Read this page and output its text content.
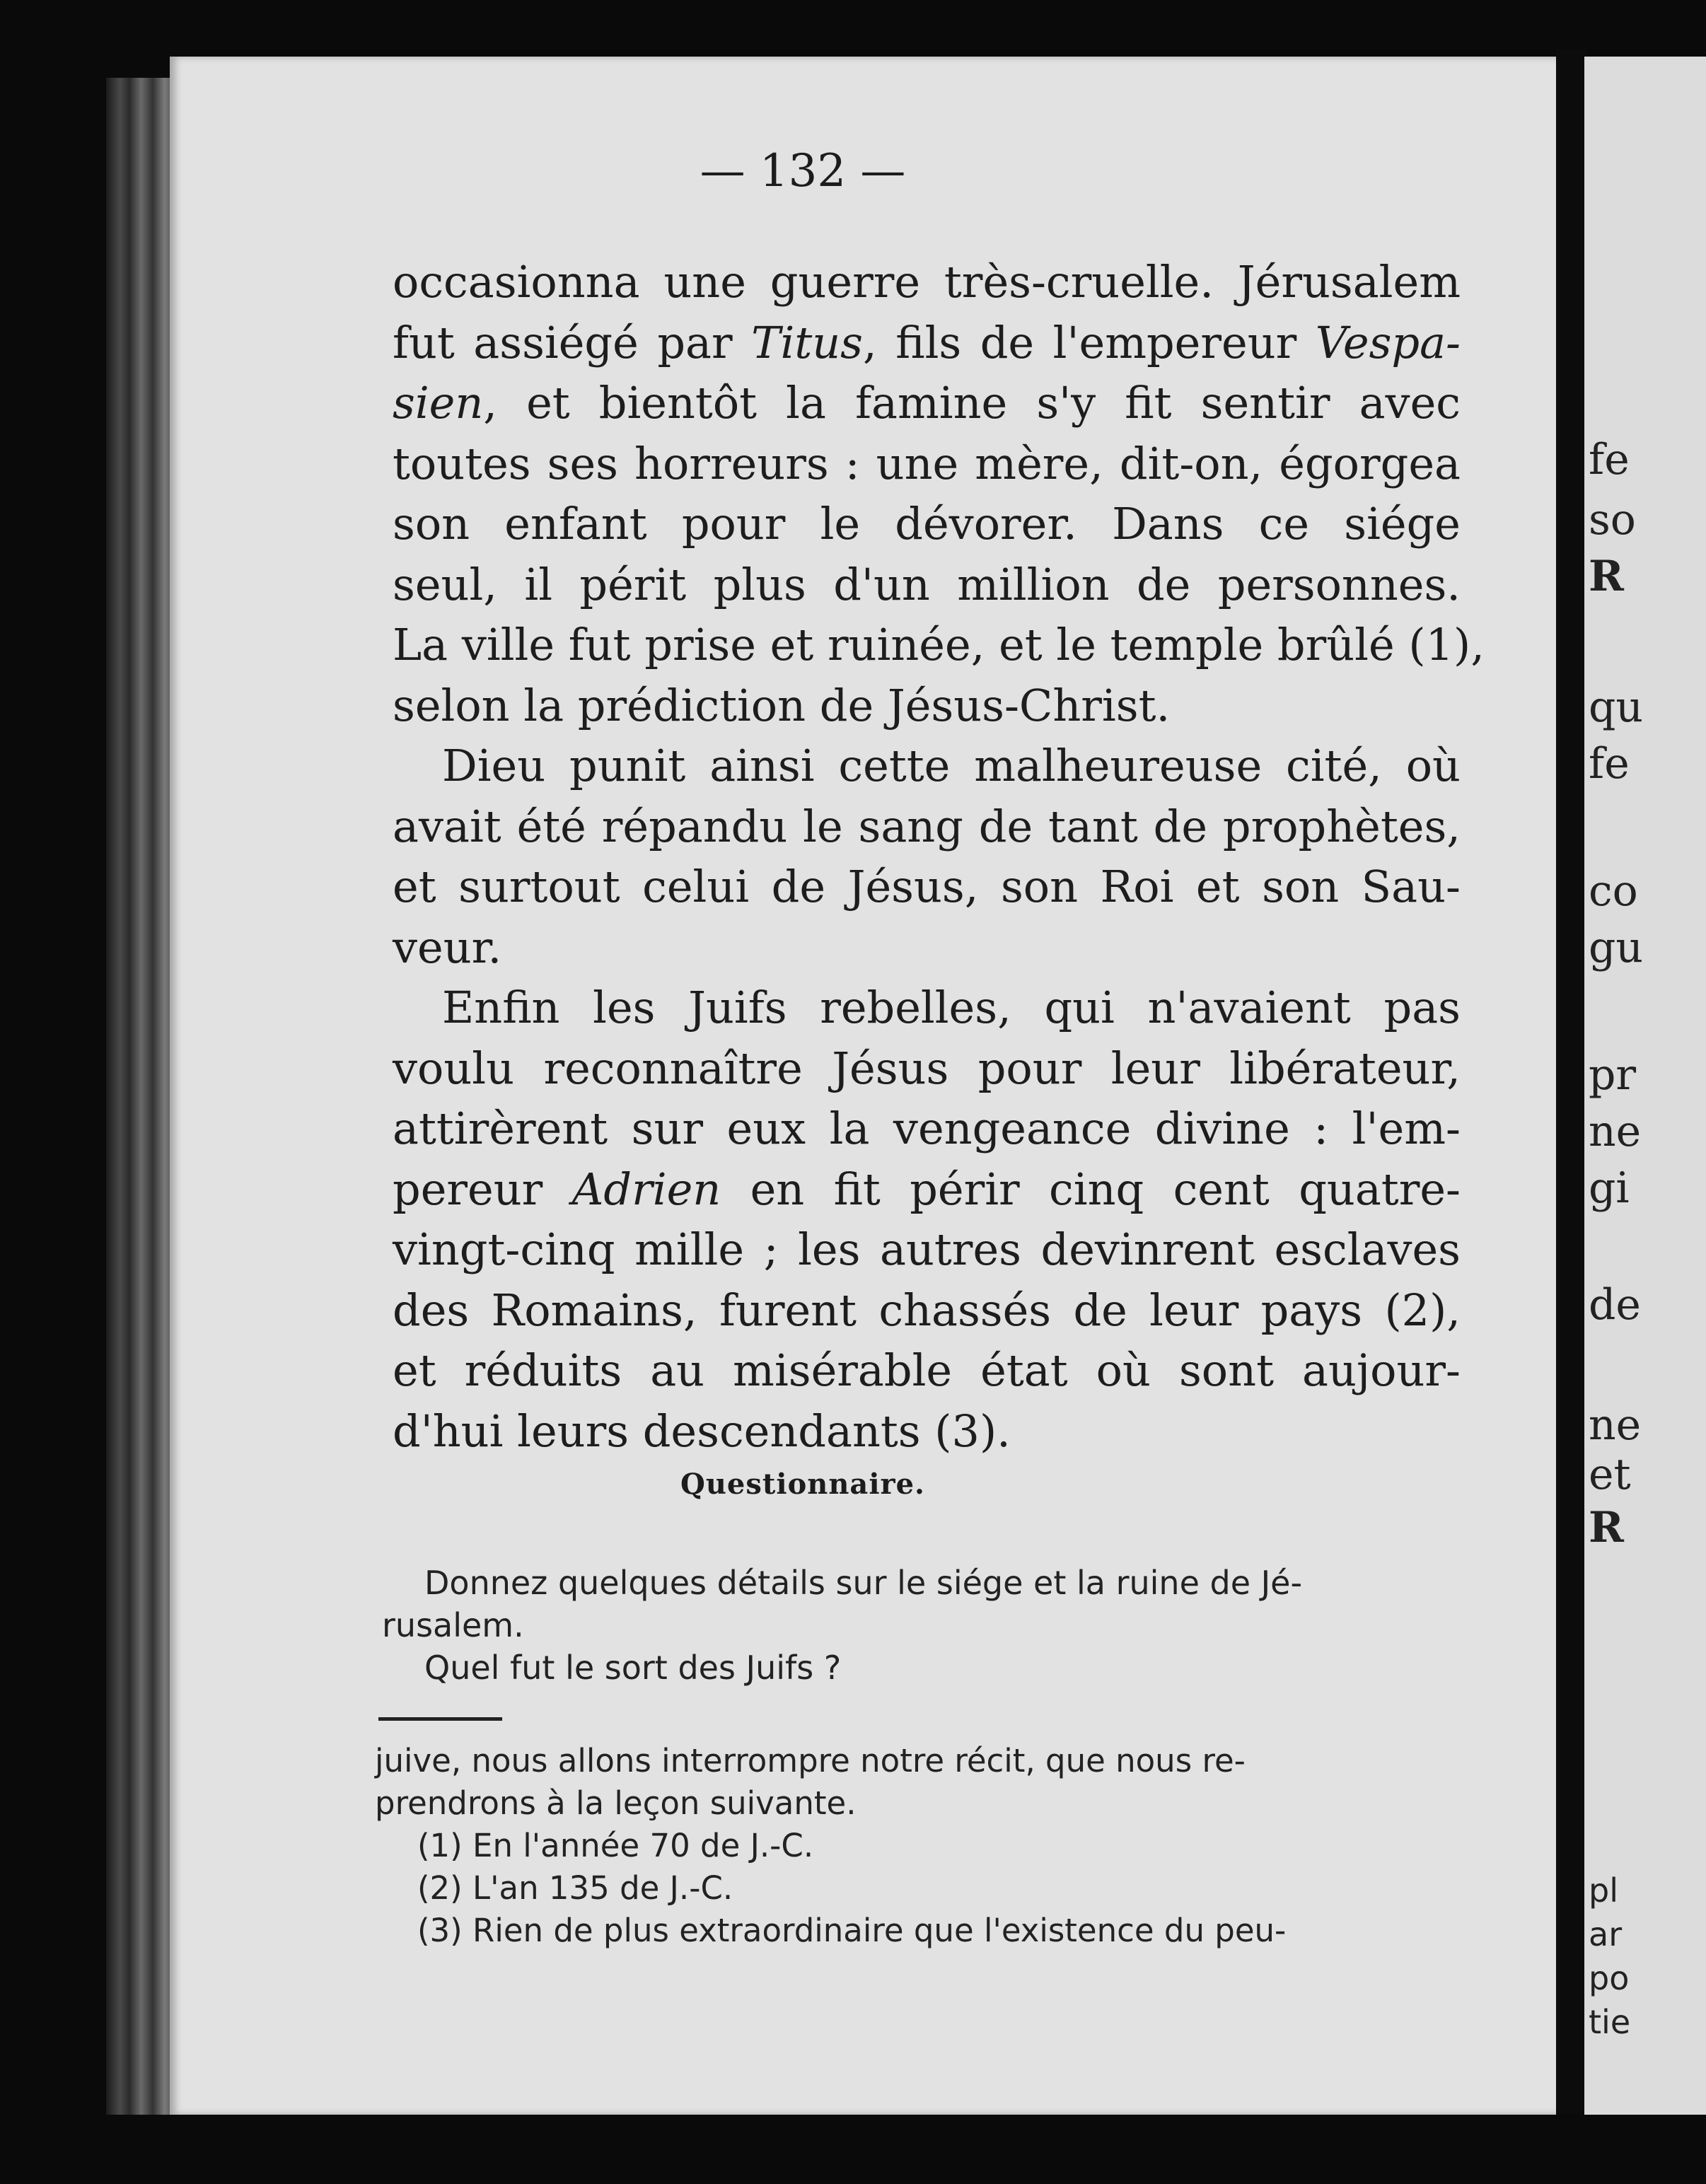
fe
so
R
qu
fe
co
gu
pr
ne
gi
de
ne
et
R
pl
ar
po
tie
— 132 —
occasionna une guerre très-cruelle. Jérusalem
fut assiégé par Titus, fils de l'empereur Vespa-
sien, et bientôt la famine s'y fit sentir avec
toutes ses horreurs : une mère, dit-on, égorgea
son enfant pour le dévorer. Dans ce siége
seul, il périt plus d'un million de personnes.
La ville fut prise et ruinée, et le temple brûlé (1),
selon la prédiction de Jésus-Christ.
Dieu punit ainsi cette malheureuse cité, où
avait été répandu le sang de tant de prophètes,
et surtout celui de Jésus, son Roi et son Sau-
veur.
Enfin les Juifs rebelles, qui n'avaient pas
voulu reconnaître Jésus pour leur libérateur,
attirèrent sur eux la vengeance divine : l'em-
pereur Adrien en fit périr cinq cent quatre-
vingt-cinq mille ; les autres devinrent esclaves
des Romains, furent chassés de leur pays (2),
et réduits au misérable état où sont aujour-
d'hui leurs descendants (3).
Questionnaire.
Donnez quelques détails sur le siége et la ruine de Jé-
rusalem.
Quel fut le sort des Juifs ?
juive, nous allons interrompre notre récit, que nous re-
prendrons à la leçon suivante.
(1) En l'année 70 de J.-C.
(2) L'an 135 de J.-C.
(3) Rien de plus extraordinaire que l'existence du peu-
